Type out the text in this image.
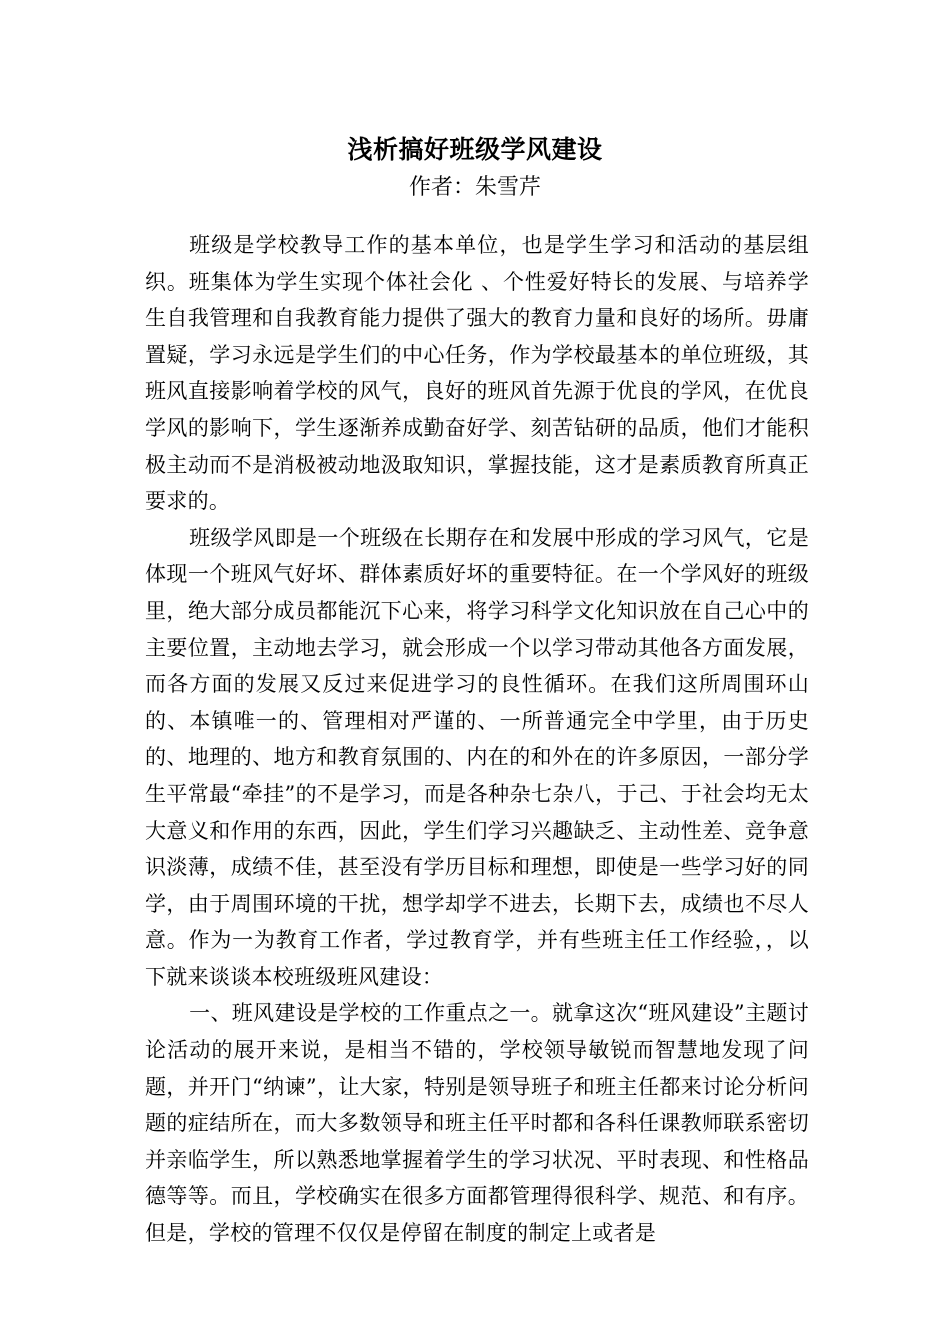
浅析搞好班级学风建设
作者：朱雪芹

班级是学校教导工作的基本单位，也是学生学习和活动的基层组织。班集体为学生实现个体社会化 、个性爱好特长的发展、与培养学生自我管理和自我教育能力提供了强大的教育力量和良好的场所。毋庸置疑，学习永远是学生们的中心任务，作为学校最基本的单位班级，其班风直接影响着学校的风气，良好的班风首先源于优良的学风，在优良学风的影响下，学生逐渐养成勤奋好学、刻苦钻研的品质，他们才能积极主动而不是消极被动地汲取知识，掌握技能，这才是素质教育所真正要求的。

班级学风即是一个班级在长期存在和发展中形成的学习风气，它是体现一个班风气好坏、群体素质好坏的重要特征。在一个学风好的班级里，绝大部分成员都能沉下心来，将学习科学文化知识放在自己心中的主要位置，主动地去学习，就会形成一个以学习带动其他各方面发展，而各方面的发展又反过来促进学习的良性循环。在我们这所周围环山的、本镇唯一的、管理相对严谨的、一所普通完全中学里，由于历史的、地理的、地方和教育氛围的、内在的和外在的许多原因，一部分学生平常最“牵挂”的不是学习，而是各种杂七杂八，于己、于社会均无太大意义和作用的东西，因此，学生们学习兴趣缺乏、主动性差、竞争意识淡薄，成绩不佳，甚至没有学历目标和理想，即使是一些学习好的同学，由于周围环境的干扰，想学却学不进去，长期下去，成绩也不尽人意。作为一为教育工作者，学过教育学，并有些班主任工作经验，，以下就来谈谈本校班级班风建设：

一、班风建设是学校的工作重点之一。就拿这次“班风建设”主题讨论活动的展开来说，是相当不错的，学校领导敏锐而智慧地发现了问题，并开门“纳谏”，让大家，特别是领导班子和班主任都来讨论分析问题的症结所在，而大多数领导和班主任平时都和各科任课教师联系密切并亲临学生，所以熟悉地掌握着学生的学习状况、平时表现、和性格品德等等。而且，学校确实在很多方面都管理得很科学、规范、和有序。但是，学校的管理不仅仅是停留在制度的制定上或者是
